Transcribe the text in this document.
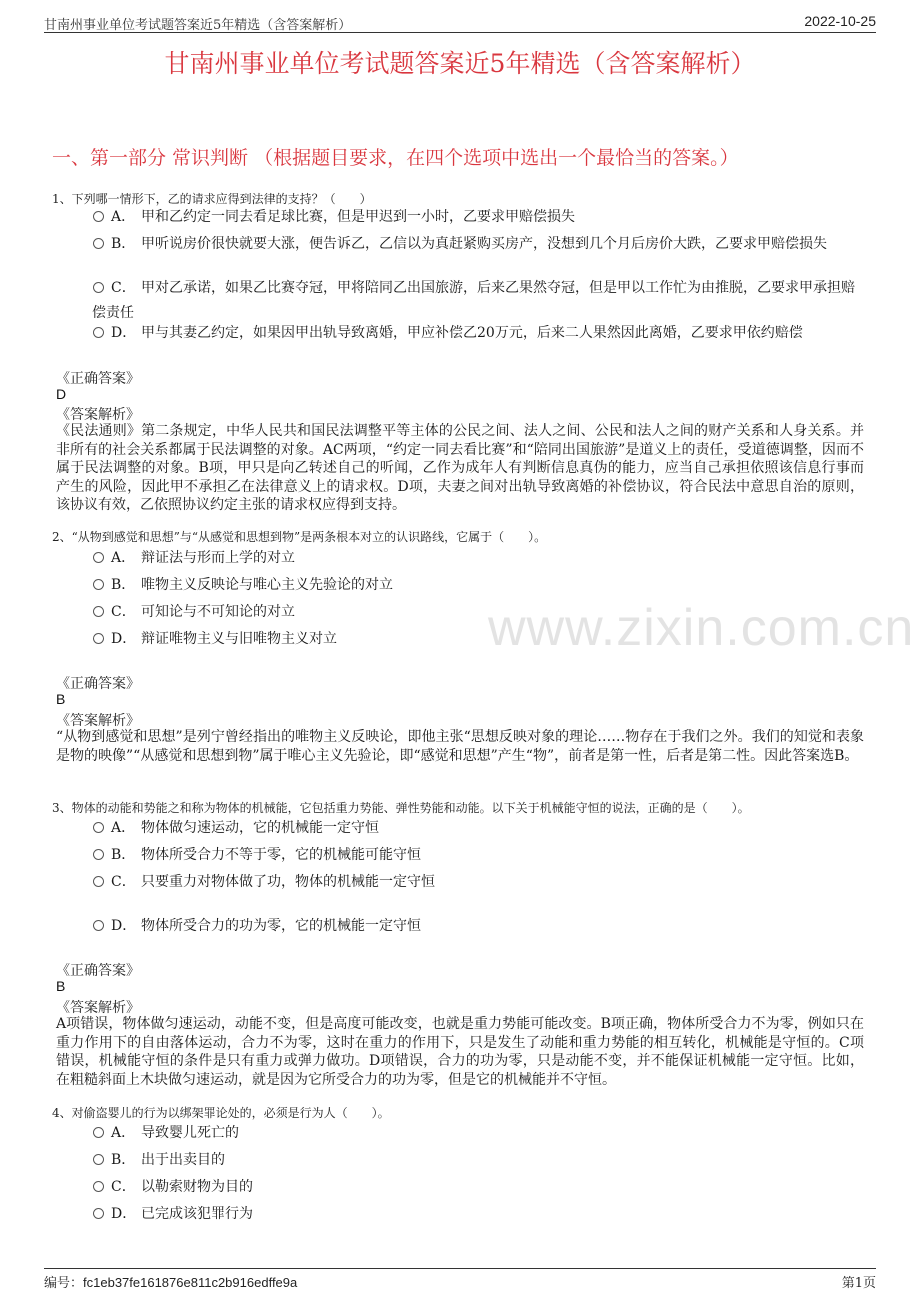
甘南州事业单位考试题答案近5年精选（含答案解析）	2022-10-25
甘南州事业单位考试题答案近5年精选（含答案解析）
一、第一部分 常识判断 （根据题目要求，在四个选项中选出一个最恰当的答案。）
www.zixin.com.cn
1、下列哪一情形下，乙的请求应得到法律的支持？（　　）
A． 甲和乙约定一同去看足球比赛，但是甲迟到一小时，乙要求甲赔偿损失
B． 甲听说房价很快就要大涨，便告诉乙，乙信以为真赶紧购买房产，没想到几个月后房价大跌，乙要求甲赔偿损失
C． 甲对乙承诺，如果乙比赛夺冠，甲将陪同乙出国旅游，后来乙果然夺冠，但是甲以工作忙为由推脱，乙要求甲承担赔偿责任
D． 甲与其妻乙约定，如果因甲出轨导致离婚，甲应补偿乙20万元，后来二人果然因此离婚，乙要求甲依约赔偿
《正确答案》
D
《答案解析》
《民法通则》第二条规定，中华人民共和国民法调整平等主体的公民之间、法人之间、公民和法人之间的财产关系和人身关系。并非所有的社会关系都属于民法调整的对象。AC两项，“约定一同去看比赛”和“陪同出国旅游”是道义上的责任，受道德调整，因而不属于民法调整的对象。B项，甲只是向乙转述自己的听闻，乙作为成年人有判断信息真伪的能力，应当自己承担依照该信息行事而产生的风险，因此甲不承担乙在法律意义上的请求权。D项，夫妻之间对出轨导致离婚的补偿协议，符合民法中意思自治的原则，该协议有效，乙依照协议约定主张的请求权应得到支持。
2、“从物到感觉和思想”与“从感觉和思想到物”是两条根本对立的认识路线，它属于（　　）。
A． 辩证法与形而上学的对立
B． 唯物主义反映论与唯心主义先验论的对立
C． 可知论与不可知论的对立
D． 辩证唯物主义与旧唯物主义对立
《正确答案》
B
《答案解析》
“从物到感觉和思想”是列宁曾经指出的唯物主义反映论，即他主张“思想反映对象的理论……物存在于我们之外。我们的知觉和表象是物的映像”“从感觉和思想到物”属于唯心主义先验论，即“感觉和思想”产生“物”，前者是第一性，后者是第二性。因此答案选B。
3、物体的动能和势能之和称为物体的机械能，它包括重力势能、弹性势能和动能。以下关于机械能守恒的说法，正确的是（　　）。
A． 物体做匀速运动，它的机械能一定守恒
B． 物体所受合力不等于零，它的机械能可能守恒
C． 只要重力对物体做了功，物体的机械能一定守恒
D． 物体所受合力的功为零，它的机械能一定守恒
《正确答案》
B
《答案解析》
A项错误，物体做匀速运动，动能不变，但是高度可能改变，也就是重力势能可能改变。B项正确，物体所受合力不为零，例如只在重力作用下的自由落体运动，合力不为零，这时在重力的作用下，只是发生了动能和重力势能的相互转化，机械能是守恒的。C项错误，机械能守恒的条件是只有重力或弹力做功。D项错误，合力的功为零，只是动能不变，并不能保证机械能一定守恒。比如，在粗糙斜面上木块做匀速运动，就是因为它所受合力的功为零，但是它的机械能并不守恒。
4、对偷盗婴儿的行为以绑架罪论处的，必须是行为人（　　）。
A． 导致婴儿死亡的
B． 出于出卖目的
C． 以勒索财物为目的
D． 已完成该犯罪行为
编号：fc1eb37fe161876e811c2b916edffe9a	第1页
